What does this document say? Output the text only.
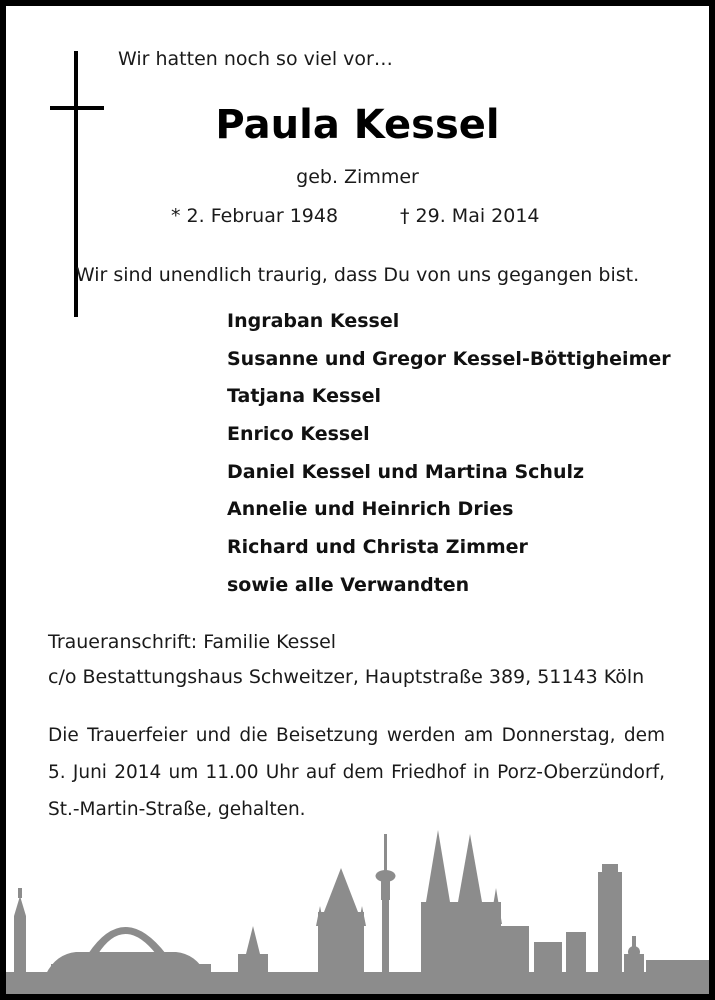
Wir hatten noch so viel vor…

Paula Kessel

geb. Zimmer

* 2. Februar 1948	† 29. Mai 2014

Wir sind unendlich traurig, dass Du von uns gegangen bist.

Ingraban Kessel
Susanne und Gregor Kessel-Böttigheimer
Tatjana Kessel
Enrico Kessel
Daniel Kessel und Martina Schulz
Annelie und Heinrich Dries
Richard und Christa Zimmer
sowie alle Verwandten

Traueranschrift: Familie Kessel

c/o Bestattungshaus Schweitzer, Hauptstraße 389, 51143 Köln

Die Trauerfeier und die Beisetzung werden am Donnerstag, dem 5. Juni 2014 um 11.00 Uhr auf dem Friedhof in Porz-Oberzündorf, St.-Martin-Straße, gehalten.
